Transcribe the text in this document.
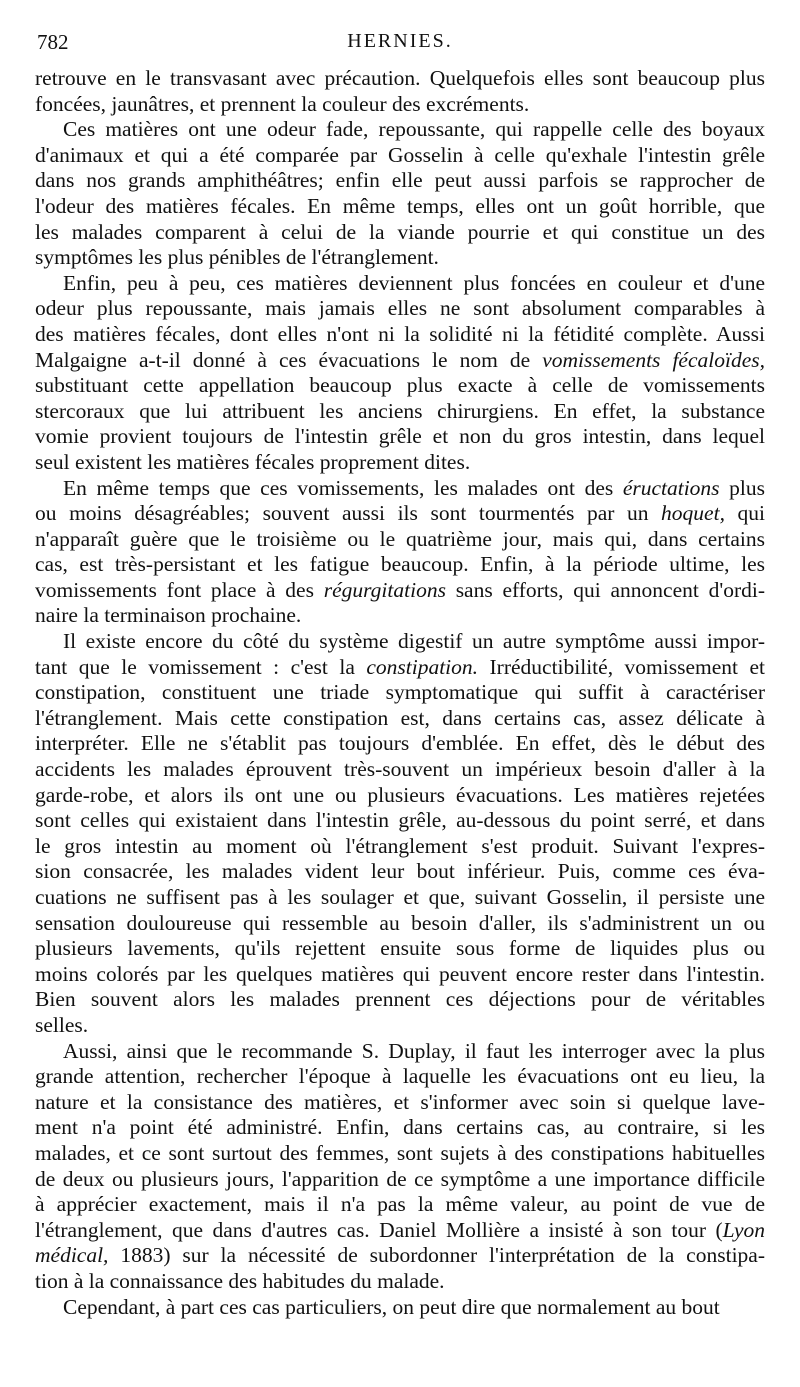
782	HERNIES.
retrouve en le transvasant avec précaution. Quelquefois elles sont beaucoup plus
foncées, jaunâtres, et prennent la couleur des excréments.
Ces matières ont une odeur fade, repoussante, qui rappelle celle des boyaux
d'animaux et qui a été comparée par Gosselin à celle qu'exhale l'intestin grêle
dans nos grands amphithéâtres; enfin elle peut aussi parfois se rapprocher de
l'odeur des matières fécales. En même temps, elles ont un goût horrible, que
les malades comparent à celui de la viande pourrie et qui constitue un des
symptômes les plus pénibles de l'étranglement.
Enfin, peu à peu, ces matières deviennent plus foncées en couleur et d'une
odeur plus repoussante, mais jamais elles ne sont absolument comparables à
des matières fécales, dont elles n'ont ni la solidité ni la fétidité complète. Aussi
Malgaigne a-t-il donné à ces évacuations le nom de vomissements fécaloïdes,
substituant cette appellation beaucoup plus exacte à celle de vomissements
stercoraux que lui attribuent les anciens chirurgiens. En effet, la substance
vomie provient toujours de l'intestin grêle et non du gros intestin, dans lequel
seul existent les matières fécales proprement dites.
En même temps que ces vomissements, les malades ont des éructations plus
ou moins désagréables; souvent aussi ils sont tourmentés par un hoquet, qui
n'apparaît guère que le troisième ou le quatrième jour, mais qui, dans certains
cas, est très-persistant et les fatigue beaucoup. Enfin, à la période ultime, les
vomissements font place à des régurgitations sans efforts, qui annoncent d'ordi-
naire la terminaison prochaine.
Il existe encore du côté du système digestif un autre symptôme aussi impor-
tant que le vomissement : c'est la constipation. Irréductibilité, vomissement et
constipation, constituent une triade symptomatique qui suffit à caractériser
l'étranglement. Mais cette constipation est, dans certains cas, assez délicate à
interpréter. Elle ne s'établit pas toujours d'emblée. En effet, dès le début des
accidents les malades éprouvent très-souvent un impérieux besoin d'aller à la
garde-robe, et alors ils ont une ou plusieurs évacuations. Les matières rejetées
sont celles qui existaient dans l'intestin grêle, au-dessous du point serré, et dans
le gros intestin au moment où l'étranglement s'est produit. Suivant l'expres-
sion consacrée, les malades vident leur bout inférieur. Puis, comme ces éva-
cuations ne suffisent pas à les soulager et que, suivant Gosselin, il persiste une
sensation douloureuse qui ressemble au besoin d'aller, ils s'administrent un ou
plusieurs lavements, qu'ils rejettent ensuite sous forme de liquides plus ou
moins colorés par les quelques matières qui peuvent encore rester dans l'intestin.
Bien souvent alors les malades prennent ces déjections pour de véritables
selles.
Aussi, ainsi que le recommande S. Duplay, il faut les interroger avec la plus
grande attention, rechercher l'époque à laquelle les évacuations ont eu lieu, la
nature et la consistance des matières, et s'informer avec soin si quelque lave-
ment n'a point été administré. Enfin, dans certains cas, au contraire, si les
malades, et ce sont surtout des femmes, sont sujets à des constipations habituelles
de deux ou plusieurs jours, l'apparition de ce symptôme a une importance difficile
à apprécier exactement, mais il n'a pas la même valeur, au point de vue de
l'étranglement, que dans d'autres cas. Daniel Mollière a insisté à son tour (Lyon
médical, 1883) sur la nécessité de subordonner l'interprétation de la constipa-
tion à la connaissance des habitudes du malade.
Cependant, à part ces cas particuliers, on peut dire que normalement au bout
